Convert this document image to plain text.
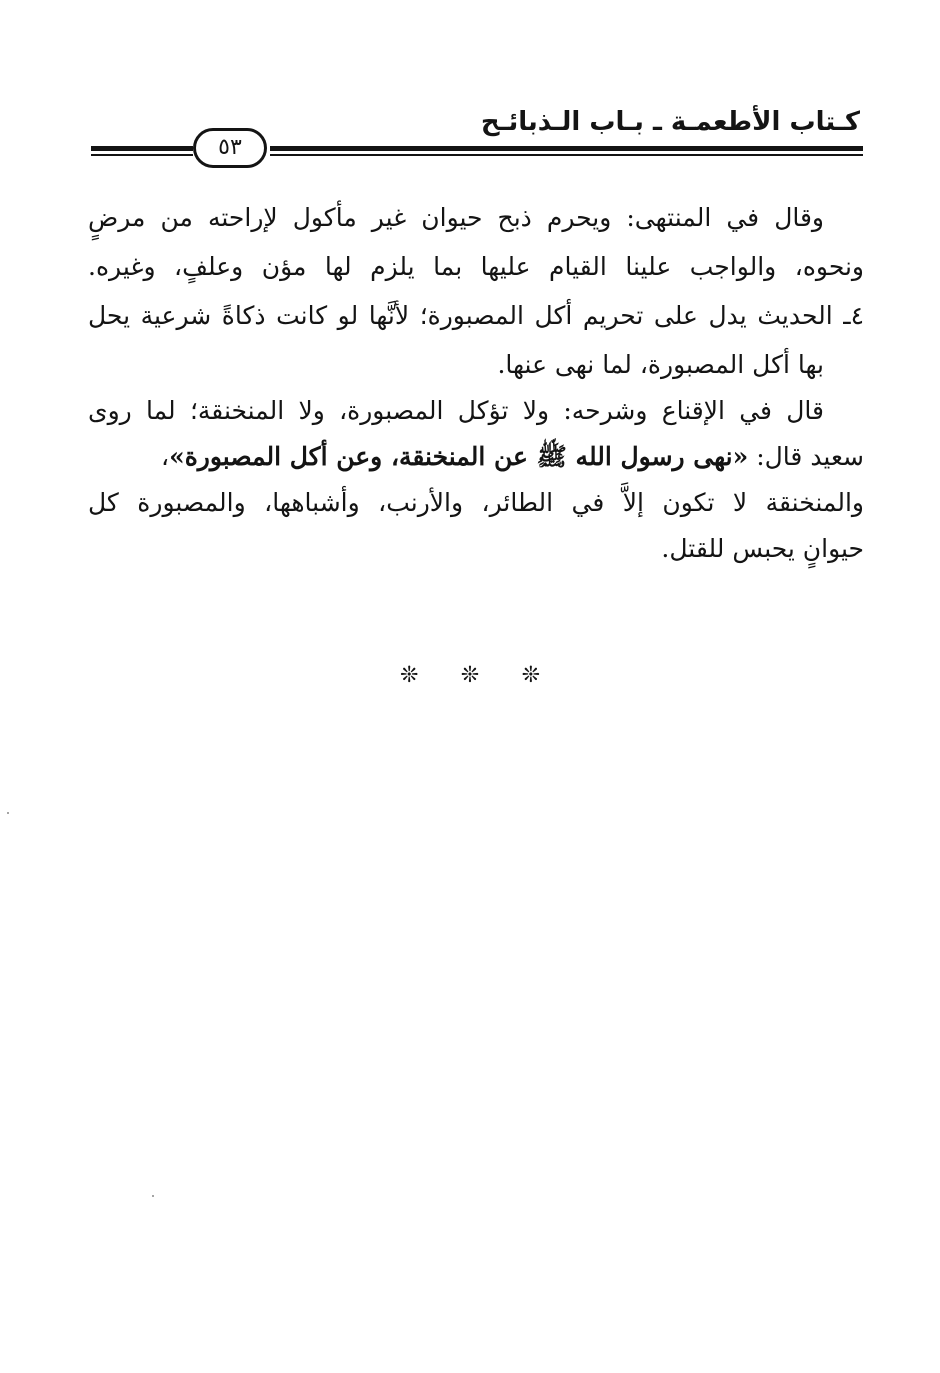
كـتاب الأطعمـة ـ بـاب الـذبائـح
٥٣
وقال في المنتهى: ويحرم ذبح حيوان غير مأكول لإراحته من مرضٍ
ونحوه، والواجب علينا القيام عليها بما يلزم لها مؤن وعلفٍ، وغيره.
٤ـ الحديث يدل على تحريم أكل المصبورة؛ لأنَّها لو كانت ذكاةً شرعية يحل
بها أكل المصبورة، لما نهى عنها.
قال في الإقناع وشرحه: ولا تؤكل المصبورة، ولا المنخنقة؛ لما روى
سعيد قال: «نهى رسول الله ﷺ عن المنخنقة، وعن أكل المصبورة»،
والمنخنقة لا تكون إلاَّ في الطائر، والأرنب، وأشباهها، والمصبورة كل
حيوانٍ يحبس للقتل.
❊ ❊ ❊
